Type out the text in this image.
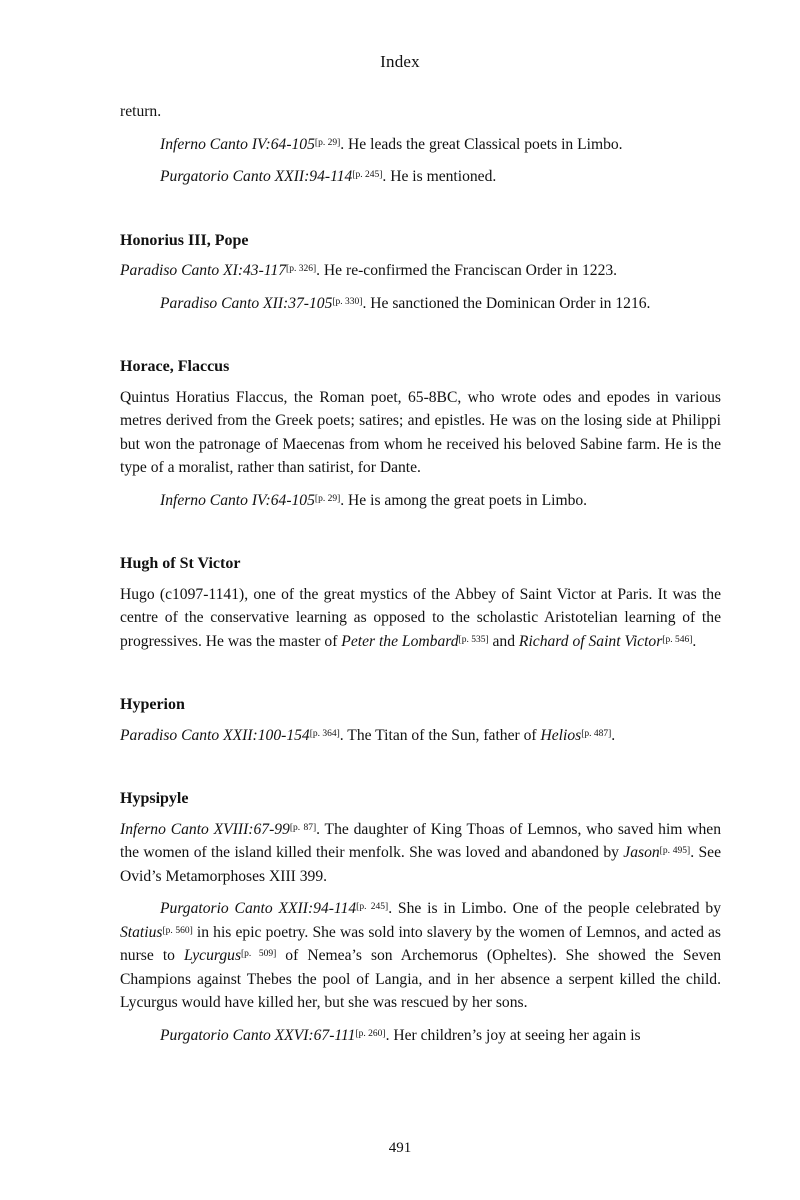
Index

return.

Inferno Canto IV:64-105[p. 29]. He leads the great Classical poets in Limbo.

Purgatorio Canto XXII:94-114[p. 245]. He is mentioned.

Honorius III, Pope

Paradiso Canto XI:43-117[p. 326]. He re-confirmed the Franciscan Order in 1223.

Paradiso Canto XII:37-105[p. 330]. He sanctioned the Dominican Order in 1216.

Horace, Flaccus

Quintus Horatius Flaccus, the Roman poet, 65-8BC, who wrote odes and epodes in various metres derived from the Greek poets; satires; and epistles. He was on the losing side at Philippi but won the patronage of Maecenas from whom he received his beloved Sabine farm. He is the type of a moralist, rather than satirist, for Dante.

Inferno Canto IV:64-105[p. 29]. He is among the great poets in Limbo.

Hugh of St Victor

Hugo (c1097-1141), one of the great mystics of the Abbey of Saint Victor at Paris. It was the centre of the conservative learning as opposed to the scholastic Aristotelian learning of the progressives. He was the master of Peter the Lombard[p. 535] and Richard of Saint Victor[p. 546].

Hyperion

Paradiso Canto XXII:100-154[p. 364]. The Titan of the Sun, father of Helios[p. 487].

Hypsipyle

Inferno Canto XVIII:67-99[p. 87]. The daughter of King Thoas of Lemnos, who saved him when the women of the island killed their menfolk. She was loved and abandoned by Jason[p. 495]. See Ovid’s Metamorphoses XIII 399.

Purgatorio Canto XXII:94-114[p. 245]. She is in Limbo. One of the people celebrated by Statius[p. 560] in his epic poetry. She was sold into slavery by the women of Lemnos, and acted as nurse to Lycurgus[p. 509] of Nemea’s son Archemorus (Opheltes). She showed the Seven Champions against Thebes the pool of Langia, and in her absence a serpent killed the child. Lycurgus would have killed her, but she was rescued by her sons.

Purgatorio Canto XXVI:67-111[p. 260]. Her children’s joy at seeing her again is

491
